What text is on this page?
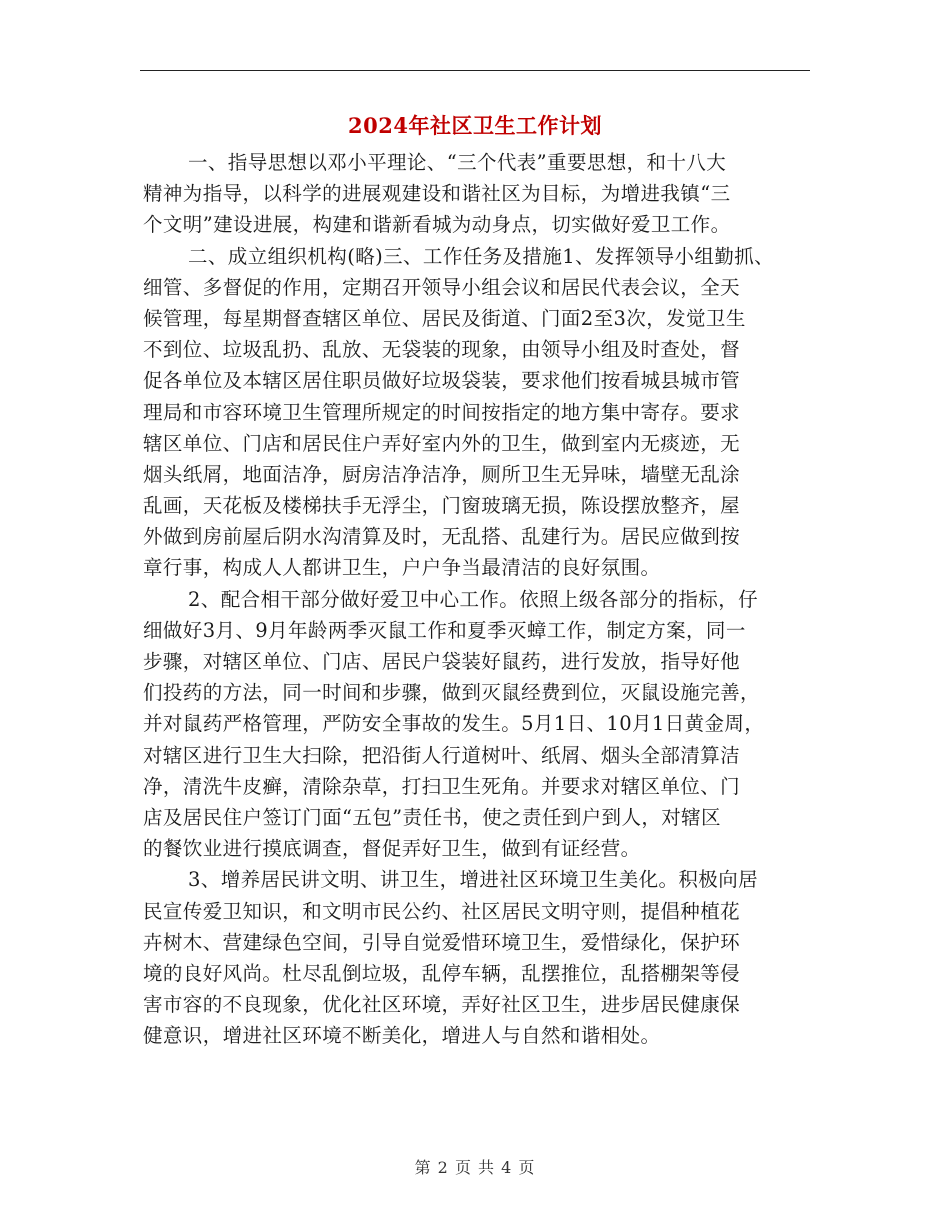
2024年社区卫生工作计划
一、指导思想以邓小平理论、“三个代表”重要思想，和十八大
精神为指导，以科学的进展观建设和谐社区为目标，为增进我镇“三
个文明”建设进展，构建和谐新看城为动身点，切实做好爱卫工作。
二、成立组织机构(略)三、工作任务及措施1、发挥领导小组勤抓、
细管、多督促的作用，定期召开领导小组会议和居民代表会议，全天
候管理，每星期督查辖区单位、居民及街道、门面2至3次，发觉卫生
不到位、垃圾乱扔、乱放、无袋装的现象，由领导小组及时查处，督
促各单位及本辖区居住职员做好垃圾袋装，要求他们按看城县城市管
理局和市容环境卫生管理所规定的时间按指定的地方集中寄存。要求
辖区单位、门店和居民住户弄好室内外的卫生，做到室内无痰迹，无
烟头纸屑，地面洁净，厨房洁净洁净，厕所卫生无异味，墙壁无乱涂
乱画，天花板及楼梯扶手无浮尘，门窗玻璃无损，陈设摆放整齐，屋
外做到房前屋后阴水沟清算及时，无乱搭、乱建行为。居民应做到按
章行事，构成人人都讲卫生，户户争当最清洁的良好氛围。
2、配合相干部分做好爱卫中心工作。依照上级各部分的指标，仔
细做好3月、9月年龄两季灭鼠工作和夏季灭蟑工作，制定方案，同一
步骤，对辖区单位、门店、居民户袋装好鼠药，进行发放，指导好他
们投药的方法，同一时间和步骤，做到灭鼠经费到位，灭鼠设施完善，
并对鼠药严格管理，严防安全事故的发生。5月1日、10月1日黄金周，
对辖区进行卫生大扫除，把沿街人行道树叶、纸屑、烟头全部清算洁
净，清洗牛皮癣，清除杂草，打扫卫生死角。并要求对辖区单位、门
店及居民住户签订门面“五包”责任书，使之责任到户到人，对辖区
的餐饮业进行摸底调查，督促弄好卫生，做到有证经营。
3、增养居民讲文明、讲卫生，增进社区环境卫生美化。积极向居
民宣传爱卫知识，和文明市民公约、社区居民文明守则，提倡种植花
卉树木、营建绿色空间，引导自觉爱惜环境卫生，爱惜绿化，保护环
境的良好风尚。杜尽乱倒垃圾，乱停车辆，乱摆推位，乱搭棚架等侵
害市容的不良现象，优化社区环境，弄好社区卫生，进步居民健康保
健意识，增进社区环境不断美化，增进人与自然和谐相处。
第 2 页 共 4 页
